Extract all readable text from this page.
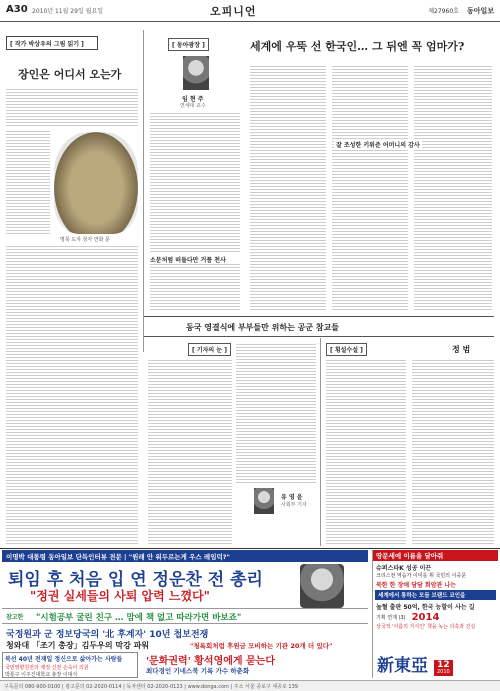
A30 2010년 11월 29일 월요일	오피니언	제27960호 동아일보
[ 작가 박상우의 그림 읽기 ]
장인은 어디서 오는가
명목 도자 청자 연화 문
[ 동아광장 ]
임 현 주
연세대 교수
소문처럼 떠돌다만 거품 천사
세계에 우뚝 선 한국인… 그 뒤엔 꼭 엄마가?
잘 조성한 키워준 어머니의 감사
동국 영결식에 부부들만 위하는 공군 참교들
[ 기자의 눈 ]
유 영 윤
사회부 기자
[ 횡설수설 ]	정 범
이명박 대통령 동아일보 단독인터뷰 전문 | "원래 안 워두르는게 우스 레임덕?"
퇴임 후 처음 입 연 정운찬 전 총리
"정권 실세들의 사퇴 압력 느꼈다"
참고한 "시험공부 굴린 친구 … 맘에 책 없고 따라가면 바보죠"
국정원과 군 정보당국의 '北 후계자' 10년 첩보전쟁
청와대 「조기 총장」김두우의 막강 파워	"청록회처럼 후원금 모비하는 기관 20개 더 있다"
북선 40년 전재일 정신으로 삶아가는 사람들
국민영향원전의 재정 신천 손숙이 의원
박통구 이주진대학교 총장 이대식
'문화권력' 황석영에게 묻는다
최다경인 기네스북 기록 가수 하춘화
땅문세에 이름을 달아줘
슈퍼스타K 성공 이끈
크리스천 역습가 이미를 휘 국민의 이중문
북한 한 장애 담담 회암관 나는
세계에서 통하는 모듬 브랜드 코인을
높혈 출판 50억, 한국 능할이 사는 길
기획 연재 (3) 2014
상국적 '이름의 지식인' 책을 녹는 의혹과 진실
新東亞 12
2010
구독문의 080-900-0100 | 광고문의 02-2020-0114 | 독자센터 02-2020-0123 | www.donga.com | 주소 서울 종로구 세종로 139
